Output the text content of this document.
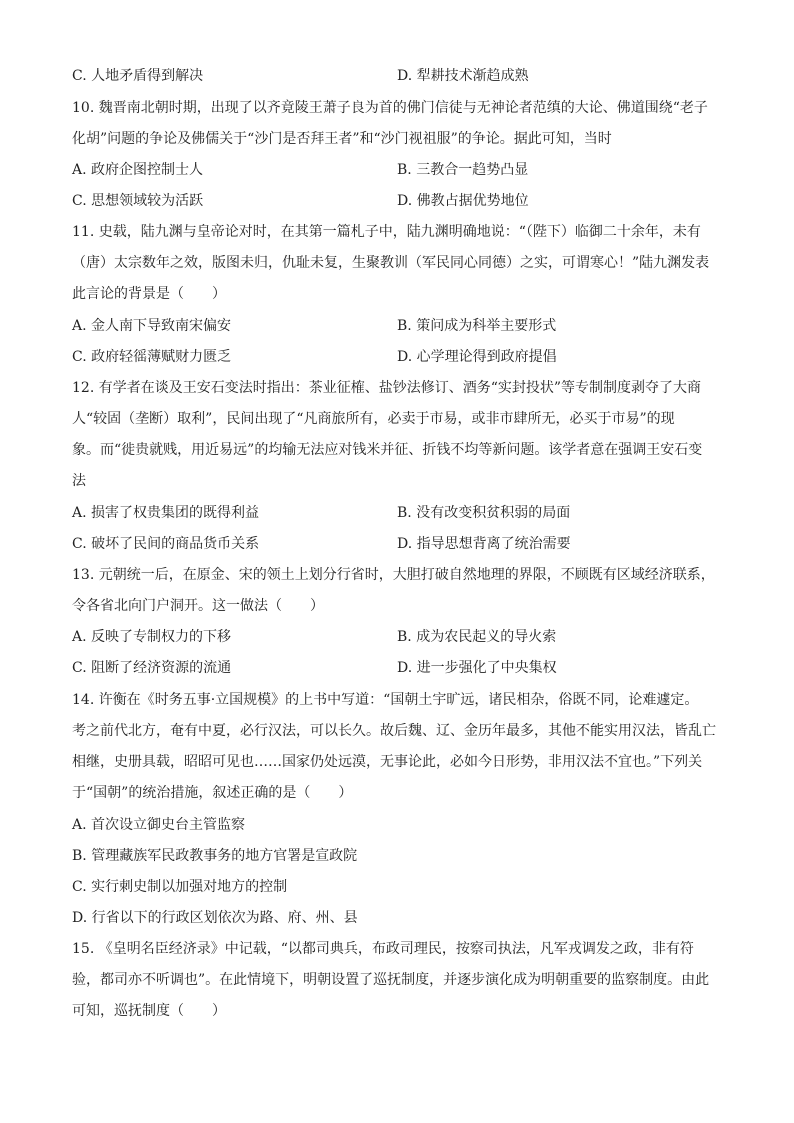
C. 人地矛盾得到解决	D. 犁耕技术渐趋成熟
10. 魏晋南北朝时期，出现了以齐竟陵王萧子良为首的佛门信徒与无神论者范缜的大论、佛道围绕“老子
化胡”问题的争论及佛儒关于“沙门是否拜王者”和“沙门视祖服”的争论。据此可知，当时
A. 政府企图控制士人	B. 三教合一趋势凸显
C. 思想领域较为活跃	D. 佛教占据优势地位
11. 史载，陆九渊与皇帝论对时，在其第一篇札子中，陆九渊明确地说：“（陛下）临御二十余年，未有
（唐）太宗数年之效，版图未归，仇耻未复，生聚教训（军民同心同德）之实，可谓寒心！”陆九渊发表
此言论的背景是（　　）
A. 金人南下导致南宋偏安	B. 策问成为科举主要形式
C. 政府轻徭薄赋财力匮乏	D. 心学理论得到政府提倡
12. 有学者在谈及王安石变法时指出：茶业征榷、盐钞法修订、酒务“实封投状”等专制制度剥夺了大商
人“较固（垄断）取利”，民间出现了“凡商旅所有，必卖于市易，或非市肆所无，必买于市易”的现
象。而“徙贵就贱，用近易远”的均输无法应对钱米并征、折钱不均等新问题。该学者意在强调王安石变
法
A. 损害了权贵集团的既得利益	B. 没有改变积贫积弱的局面
C. 破坏了民间的商品货币关系	D. 指导思想背离了统治需要
13. 元朝统一后，在原金、宋的领土上划分行省时，大胆打破自然地理的界限，不顾既有区域经济联系，
令各省北向门户洞开。这一做法（　　）
A. 反映了专制权力的下移	B. 成为农民起义的导火索
C. 阻断了经济资源的流通	D. 进一步强化了中央集权
14. 许衡在《时务五事·立国规模》的上书中写道：“国朝土宇旷远，诸民相杂，俗既不同，论难遽定。
考之前代北方，奄有中夏，必行汉法，可以长久。故后魏、辽、金历年最多，其他不能实用汉法，皆乱亡
相继，史册具载，昭昭可见也……国家仍处远漠，无事论此，必如今日形势，非用汉法不宜也。”下列关
于“国朝”的统治措施，叙述正确的是（　　）
A. 首次设立御史台主管监察
B. 管理藏族军民政教事务的地方官署是宣政院
C. 实行刺史制以加强对地方的控制
D. 行省以下的行政区划依次为路、府、州、县
15. 《皇明名臣经济录》中记载，“以都司典兵，布政司理民，按察司执法，凡军戎调发之政，非有符
验，都司亦不听调也”。在此情境下，明朝设置了巡抚制度，并逐步演化成为明朝重要的监察制度。由此
可知，巡抚制度（　　）
